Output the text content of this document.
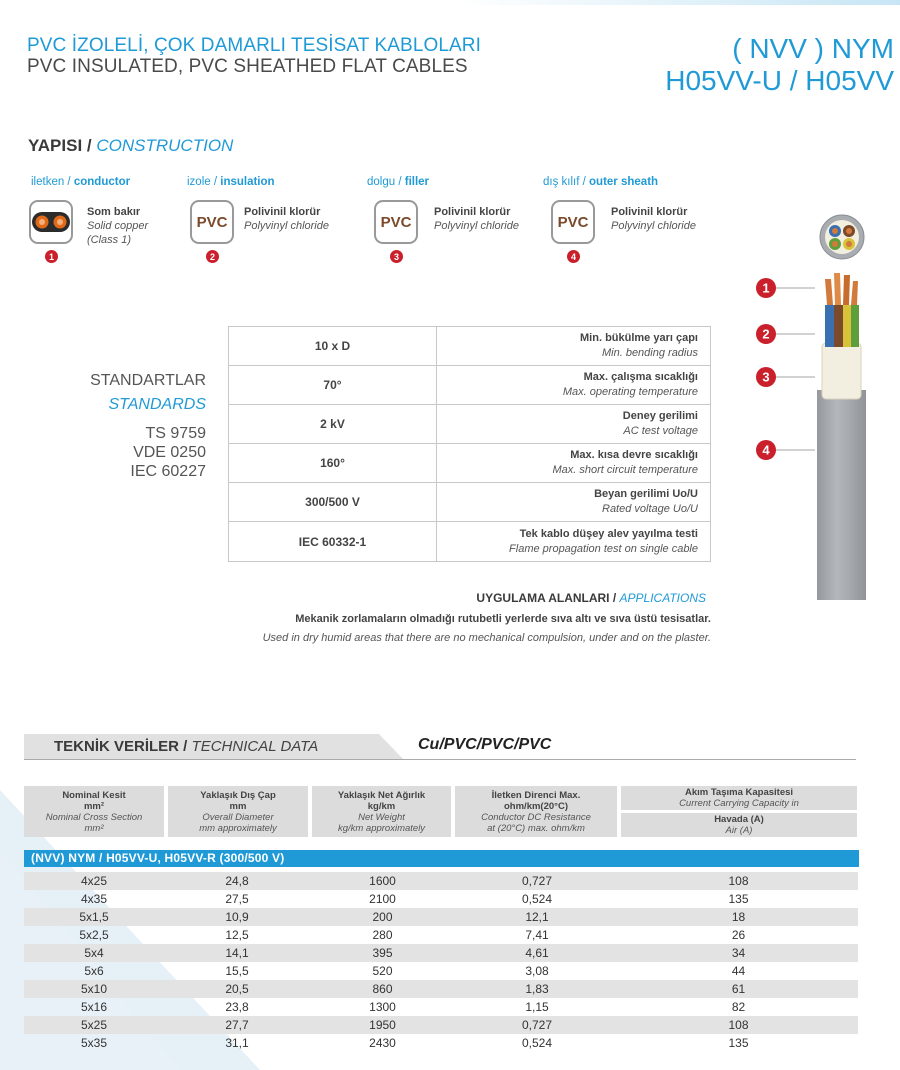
PVC İZOLELİ, ÇOK DAMARLI TESİSAT KABLOLARI
PVC INSULATED, PVC SHEATHED FLAT CABLES
( NVV ) NYM
H05VV-U / H05VV
YAPISI / CONSTRUCTION
iletken / conductor
Som bakır
Solid copper
(Class 1)
1
izole / insulation
PVC
Polivinil klorür
Polyvinyl chloride
2
dolgu / filler
PVC
Polivinil klorür
Polyvinyl chloride
3
dış kılıf / outer sheath
PVC
Polivinil klorür
Polyvinyl chloride
4
STANDARTLAR
STANDARDS
TS 9759
VDE 0250
IEC 60227
10 x D
Min. bükülme yarı çapı
Min. bending radius
70°
Max. çalışma sıcaklığı
Max. operating temperature
2 kV
Deney gerilimi
AC test voltage
160°
Max. kısa devre sıcaklığı
Max. short circuit temperature
300/500 V
Beyan gerilimi Uo/U
Rated voltage Uo/U
IEC 60332-1
Tek kablo düşey alev yayılma testi
Flame propagation test on single cable
UYGULAMA ALANLARI / APPLICATIONS
Mekanik zorlamaların olmadığı rutubetli yerlerde sıva altı ve sıva üstü tesisatlar.
Used in dry humid areas that there are no mechanical compulsion, under and on the plaster.
1
2
3
4
TEKNİK VERİLER / TECHNICAL DATA	Cu/PVC/PVC/PVC
Nominal Kesit
mm²
Nominal Cross Section
mm²
Yaklaşık Dış Çap
mm
Overall Diameter
mm approximately
Yaklaşık Net Ağırlık
kg/km
Net Weight
kg/km approximately
İletken Direnci Max.
ohm/km(20°C)
Conductor DC Resistance
at (20°C) max. ohm/km
Akım Taşıma Kapasitesi
Current Carrying Capacity in
Havada (A)
Air (A)
(NVV) NYM / H05VV-U, H05VV-R (300/500 V)
4x25	24,8	1600	0,727	108
4x35	27,5	2100	0,524	135
5x1,5	10,9	200	12,1	18
5x2,5	12,5	280	7,41	26
5x4	14,1	395	4,61	34
5x6	15,5	520	3,08	44
5x10	20,5	860	1,83	61
5x16	23,8	1300	1,15	82
5x25	27,7	1950	0,727	108
5x35	31,1	2430	0,524	135
